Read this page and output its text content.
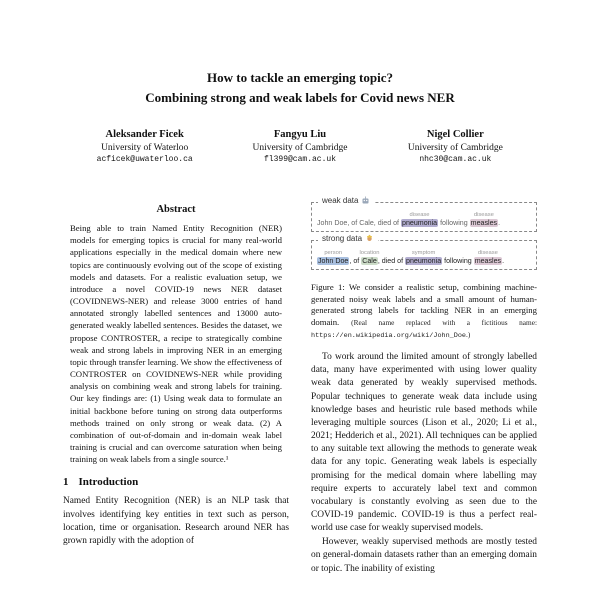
How to tackle an emerging topic?
Combining strong and weak labels for Covid news NER
Aleksander Ficek
University of Waterloo
acficek@uwaterloo.ca
Fangyu Liu
University of Cambridge
fl399@cam.ac.uk
Nigel Collier
University of Cambridge
nhc30@cam.ac.uk
Abstract

Being able to train Named Entity Recognition (NER) models for emerging topics is crucial for many real-world applications especially in the medical domain where new topics are continuously evolving out of the scope of existing models and datasets. For a realistic evaluation setup, we introduce a novel COVID-19 news NER dataset (COVIDNEWS-NER) and release 3000 entries of hand annotated strongly labelled sentences and 13000 auto-generated weakly labelled sentences. Besides the dataset, we propose CONTROSTER, a recipe to strategically combine weak and strong labels in improving NER in an emerging topic through transfer learning. We show the effectiveness of CONTROSTER on COVIDNEWS-NER while providing analysis on combining weak and strong labels for training. Our key findings are: (1) Using weak data to formulate an initial backbone before tuning on strong data outperforms methods trained on only strong or weak data. (2) A combination of out-of-domain and in-domain weak label training is crucial and can overcome saturation when being training on weak labels from a single source.¹

1 Introduction

Named Entity Recognition (NER) is an NLP task that involves identifying key entities in text such as person, location, time or organisation. Research around NER has grown rapidly with the adoption of

weak data
John Doe, of Cale, died of
disease
pneumonia following
disease
measles.
strong data
person
John Doe, of
location
Cale, died of
symptom
pneumonia following
disease
measles.
Figure 1: We consider a realistic setup, combining machine-generated noisy weak labels and a small amount of human-generated strong labels for tackling NER in an emerging domain. (Real name replaced with a fictitious name: https://en.wikipedia.org/wiki/John_Doe.)

To work around the limited amount of strongly labelled data, many have experimented with using lower quality weak data generated by weakly supervised methods. Popular techniques to generate weak data include using knowledge bases and heuristic rule based methods while leveraging multiple sources (Lison et al., 2020; Li et al., 2021; Hedderich et al., 2021). All techniques can be applied to any suitable text allowing the methods to generate weak data for any topic. Generating weak labels is especially promising for the medical domain where labelling may require experts to accurately label text and common vocabulary is constantly evolving as seen due to the COVID-19 pandemic. COVID-19 is thus a perfect real-world use case for weakly supervised models.

However, weakly supervised methods are mostly tested on general-domain datasets rather than an emerging domain or topic. The inability of existing
